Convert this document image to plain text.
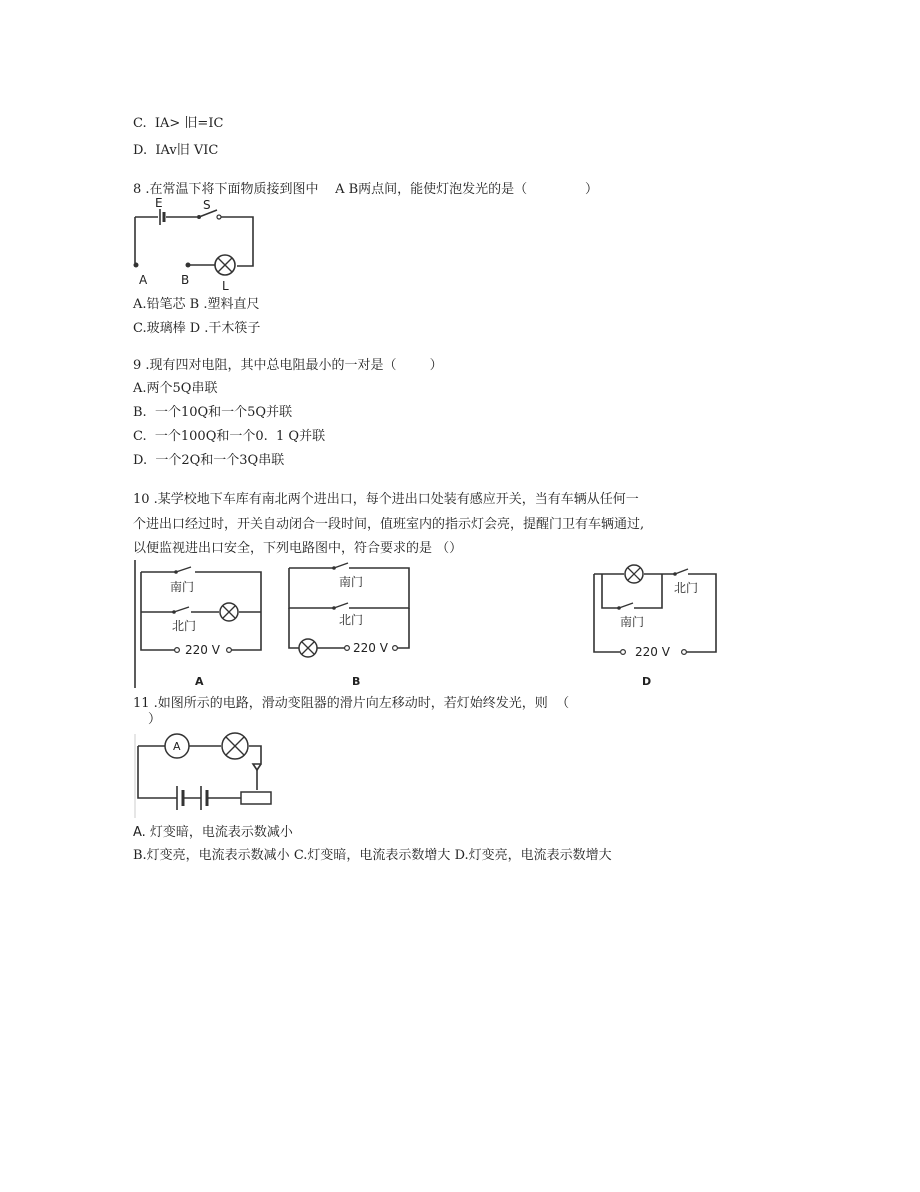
C.  IA> 旧=IC
D.  IAv旧 VIC
8 .在常温下将下面物质接到图中    A B两点间，能使灯泡发光的是（              ）
E	S
A	B	L
A.铅笔芯 B .塑料直尺
C.玻璃棒 D .干木筷子
9 .现有四对电阻，其中总电阻最小的一对是（        ）
A.两个5Q串联
B.  一个10Q和一个5Q并联
C.  一个100Q和一个0.  1 Q并联
D.  一个2Q和一个3Q串联
10 .某学校地下车库有南北两个进出口，每个进出口处装有感应开关，当有车辆从任何一
个进出口经过时，开关自动闭合一段时间，值班室内的指示灯会亮，提醒门卫有车辆通过,
以便监视进出口安全，下列电路图中，符合要求的是 （）
南门
北门
220 V
A
南门
北门
220 V
B
北门
南门
220 V
D
11 .如图所示的电路，滑动变阻器的滑片向左移动时，若灯始终发光，则  （
）
A
A. 灯变暗，电流表示数减小
B.灯变亮，电流表示数减小 C.灯变暗，电流表示数增大 D.灯变亮，电流表示数增大
